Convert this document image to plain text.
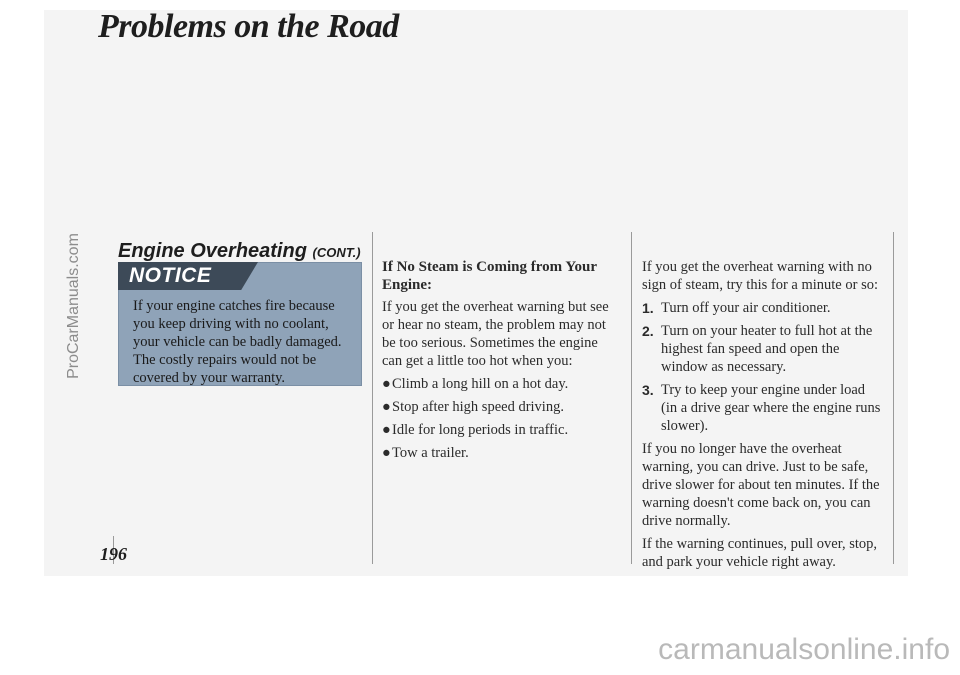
Problems on the Road
ProCarManuals.com Engine Overheating (CONT.)
NOTICE

If your engine catches fire because you keep driving with no coolant, your vehicle can be badly damaged. The costly repairs would not be covered by your warranty.

If No Steam is Coming from Your Engine:

If you get the overheat warning but see or hear no steam, the problem may not be too serious. Sometimes the engine can get a little too hot when you:

● Climb a long hill on a hot day.
● Stop after high speed driving.
● Idle for long periods in traffic.
● Tow a trailer.

If you get the overheat warning with no sign of steam, try this for a minute or so:

1. Turn off your air conditioner.
2. Turn on your heater to full hot at the highest fan speed and open the window as necessary.
3. Try to keep your engine under load (in a drive gear where the engine runs slower).

If you no longer have the overheat warning, you can drive. Just to be safe, drive slower for about ten minutes. If the warning doesn't come back on, you can drive normally.

If the warning continues, pull over, stop, and park your vehicle right away.

196
carmanualsonline.info
